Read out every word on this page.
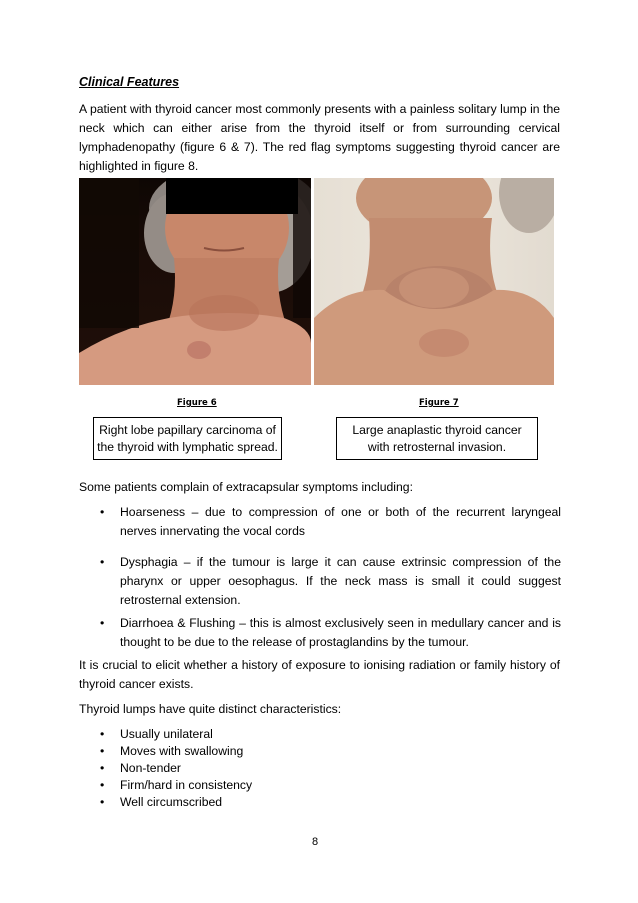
Clinical Features

A patient with thyroid cancer most commonly presents with a painless solitary lump in the neck which can either arise from the thyroid itself or from surrounding cervical lymphadenopathy (figure 6 & 7). The red flag symptoms suggesting thyroid cancer are highlighted in figure 8.

Figure 6	Figure 7
Right lobe papillary carcinoma of
the thyroid with lymphatic spread.
Large anaplastic thyroid cancer
with retrosternal invasion.

Some patients complain of extracapsular symptoms including:

• Hoarseness – due to compression of one or both of the recurrent laryngeal nerves innervating the vocal cords

• Dysphagia – if the tumour is large it can cause extrinsic compression of the pharynx or upper oesophagus. If the neck mass is small it could suggest retrosternal extension.

• Diarrhoea & Flushing – this is almost exclusively seen in medullary cancer and is thought to be due to the release of prostaglandins by the tumour.

It is crucial to elicit whether a history of exposure to ionising radiation or family history of thyroid cancer exists.

Thyroid lumps have quite distinct characteristics:

• Usually unilateral
• Moves with swallowing
• Non-tender
• Firm/hard in consistency
• Well circumscribed
8
